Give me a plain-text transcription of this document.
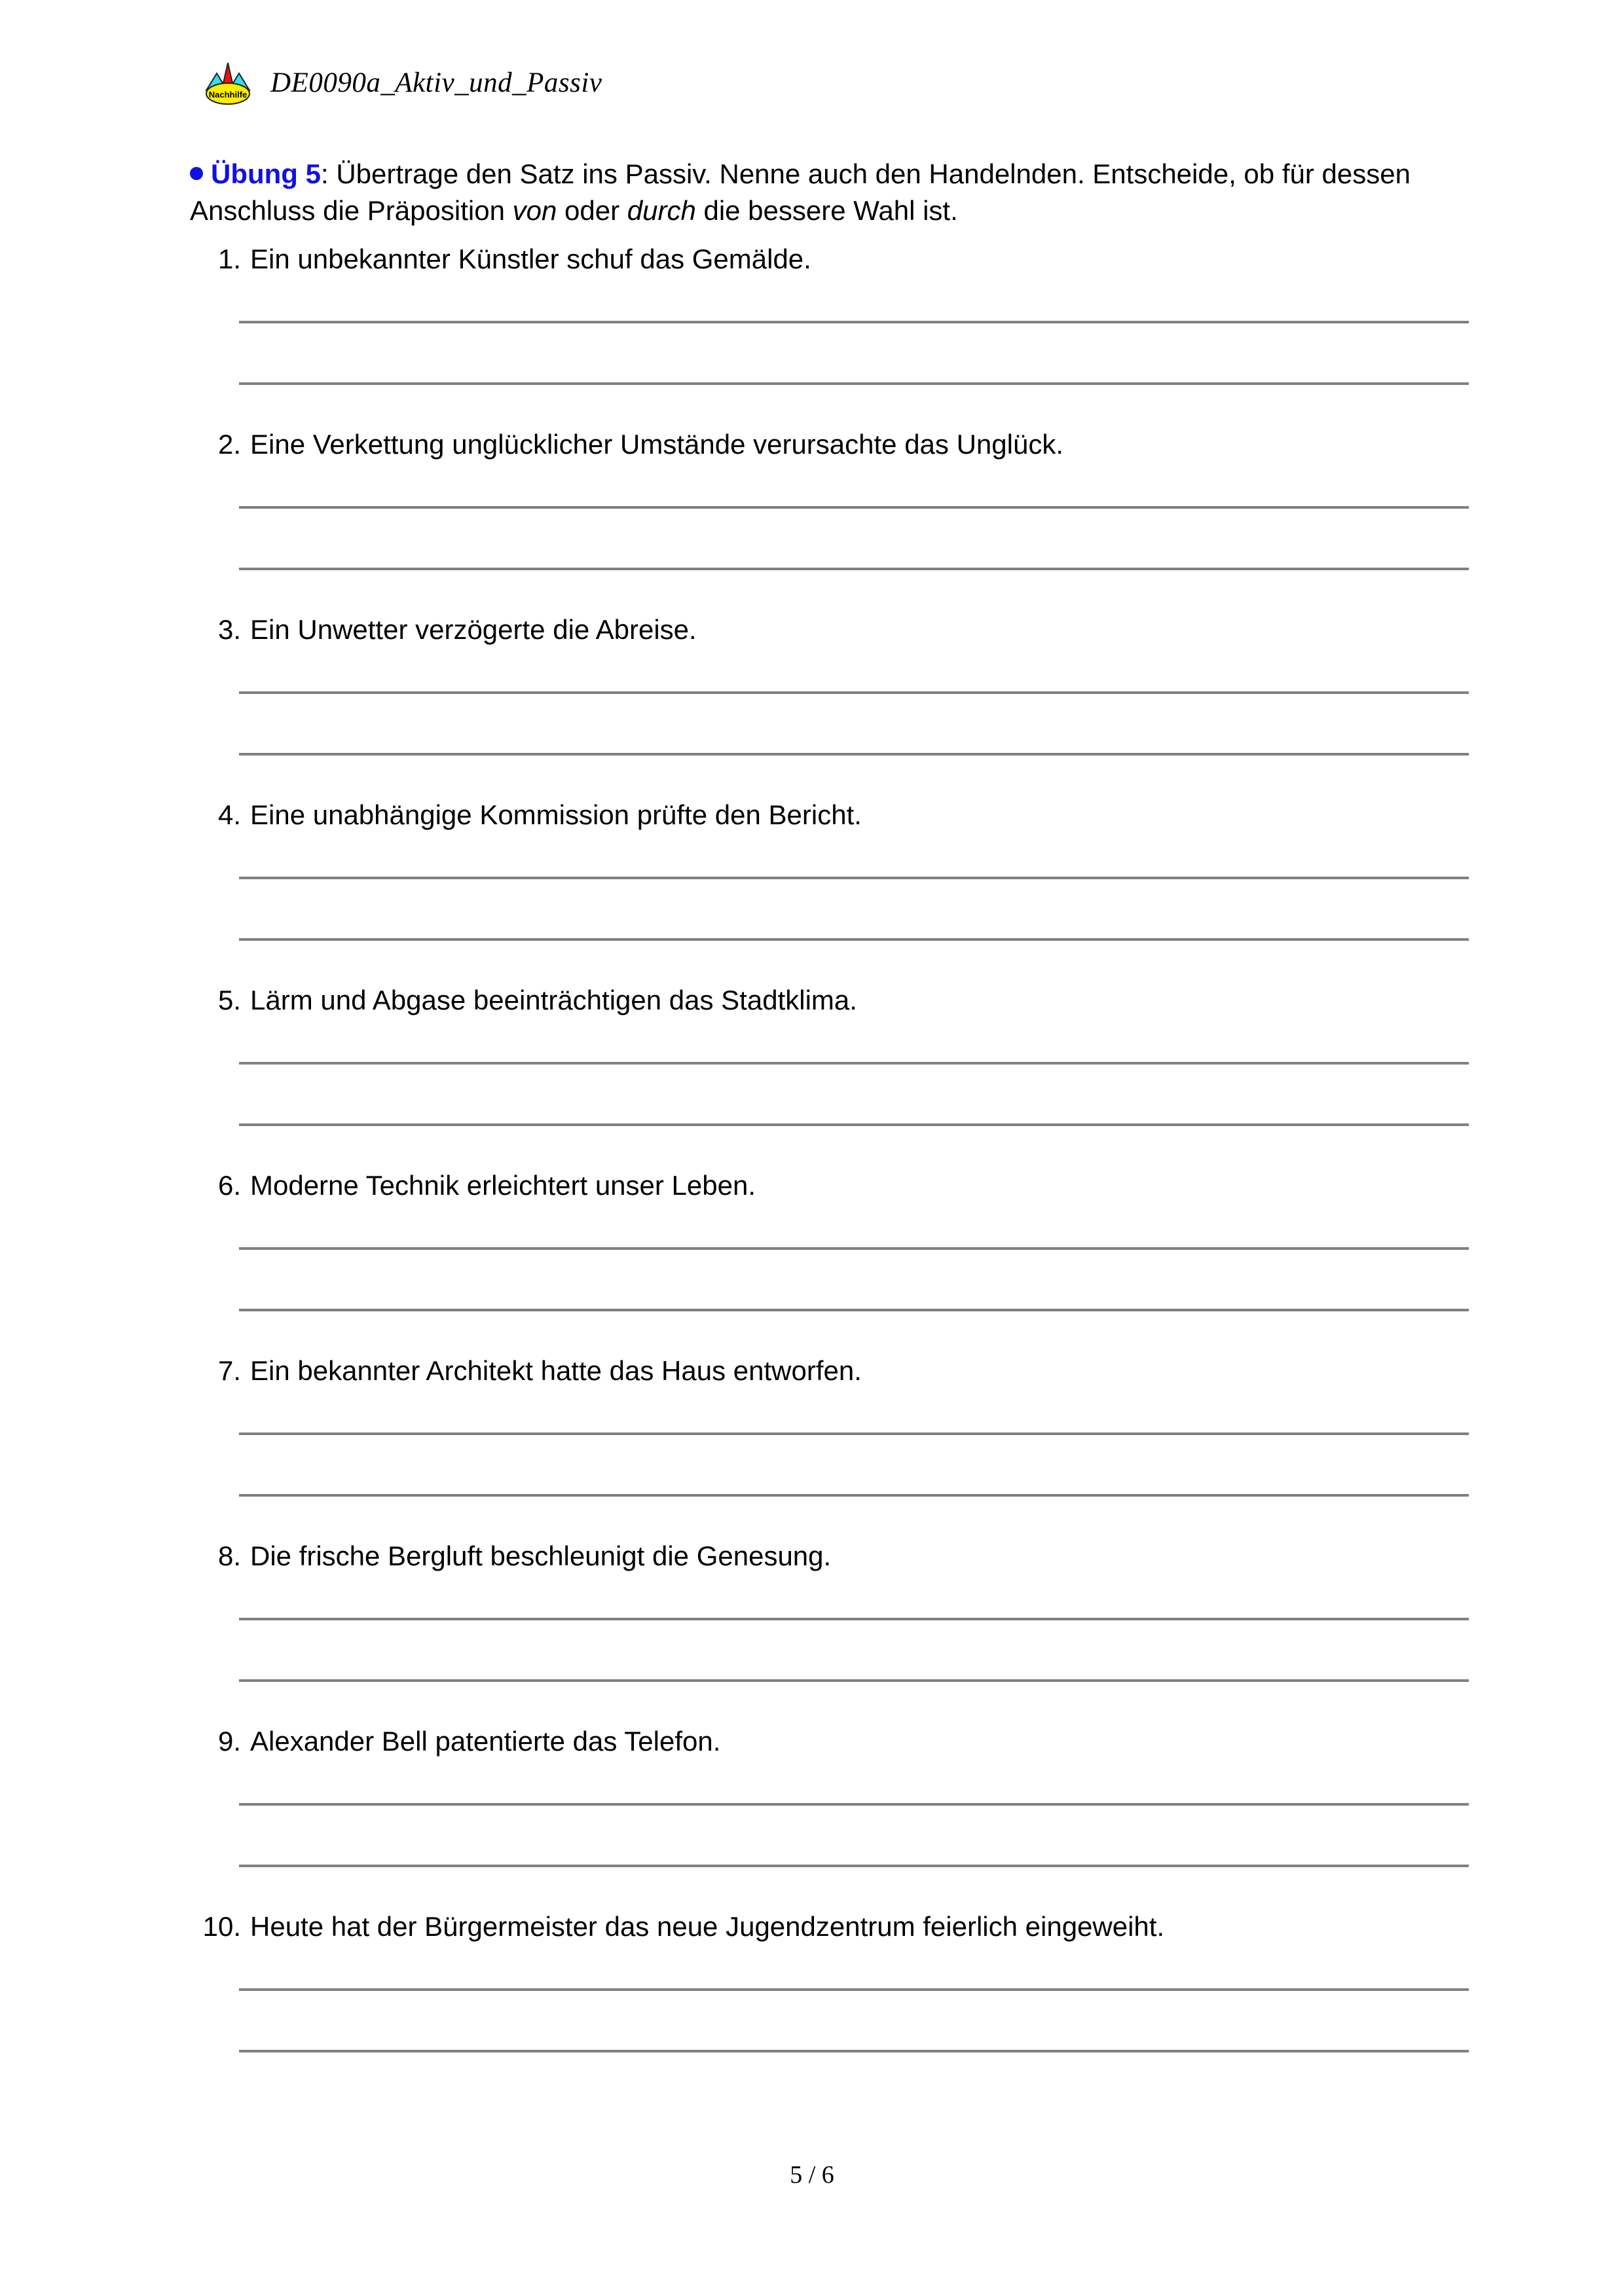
Nachhilfe DE0090a_Aktiv_und_Passiv
Übung 5: Übertrage den Satz ins Passiv. Nenne auch den Handelnden. Entscheide, ob für dessen Anschluss die Präposition von oder durch die bessere Wahl ist.
1. Ein unbekannter Künstler schuf das Gemälde.
2. Eine Verkettung unglücklicher Umstände verursachte das Unglück.
3. Ein Unwetter verzögerte die Abreise.
4. Eine unabhängige Kommission prüfte den Bericht.
5. Lärm und Abgase beeinträchtigen das Stadtklima.
6. Moderne Technik erleichtert unser Leben.
7. Ein bekannter Architekt hatte das Haus entworfen.
8. Die frische Bergluft beschleunigt die Genesung.
9. Alexander Bell patentierte das Telefon.
10. Heute hat der Bürgermeister das neue Jugendzentrum feierlich eingeweiht.
5 / 6
